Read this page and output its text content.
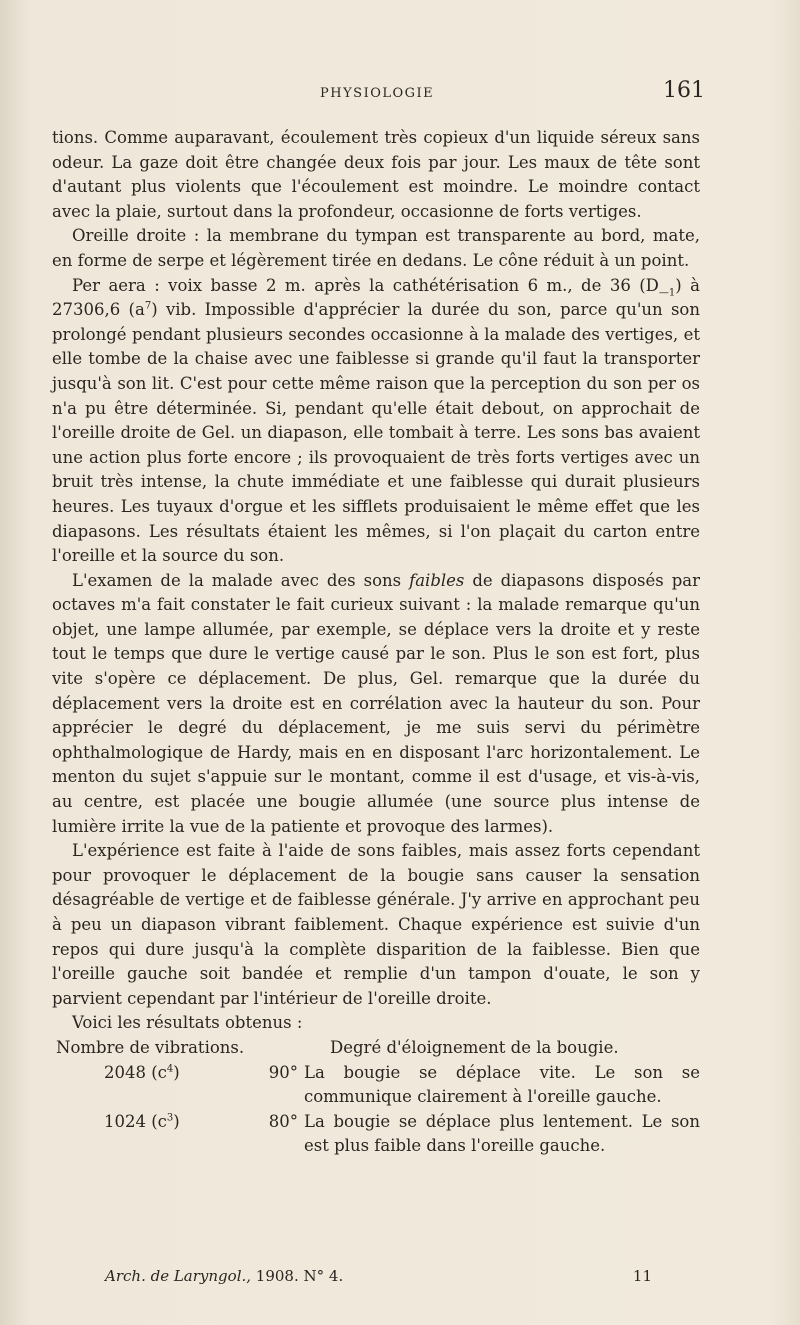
PHYSIOLOGIE	161

tions. Comme auparavant, écoulement très copieux d'un liquide séreux sans odeur. La gaze doit être changée deux fois par jour. Les maux de tête sont d'autant plus violents que l'écoulement est moindre. Le moindre contact avec la plaie, surtout dans la profondeur, occasionne de forts vertiges.

Oreille droite : la membrane du tympan est transparente au bord, mate, en forme de serpe et légèrement tirée en dedans. Le cône réduit à un point.

Per aera : voix basse 2 m. après la cathétérisation 6 m., de 36 $(D_{—1})$ à 27306,6 $(a^7)$ vib. Impossible d'apprécier la durée du son, parce qu'un son prolongé pendant plusieurs secondes occasionne à la malade des vertiges, et elle tombe de la chaise avec une faiblesse si grande qu'il faut la transporter jusqu'à son lit. C'est pour cette même raison que la perception du son per os n'a pu être déterminée. Si, pendant qu'elle était debout, on approchait de l'oreille droite de Gel. un diapason, elle tombait à terre. Les sons bas avaient une action plus forte encore ; ils provoquaient de très forts vertiges avec un bruit très intense, la chute immédiate et une faiblesse qui durait plusieurs heures. Les tuyaux d'orgue et les sifflets produisaient le même effet que les diapasons. Les résultats étaient les mêmes, si l'on plaçait du carton entre l'oreille et la source du son.

L'examen de la malade avec des sons faibles de diapasons disposés par octaves m'a fait constater le fait curieux suivant : la malade remarque qu'un objet, une lampe allumée, par exemple, se déplace vers la droite et y reste tout le temps que dure le vertige causé par le son. Plus le son est fort, plus vite s'opère ce déplacement. De plus, Gel. remarque que la durée du déplacement vers la droite est en corrélation avec la hauteur du son. Pour apprécier le degré du déplacement, je me suis servi du périmètre ophthalmologique de Hardy, mais en en disposant l'arc horizontalement. Le menton du sujet s'appuie sur le montant, comme il est d'usage, et vis-à-vis, au centre, est placée une bougie allumée (une source plus intense de lumière irrite la vue de la patiente et provoque des larmes).

L'expérience est faite à l'aide de sons faibles, mais assez forts cependant pour provoquer le déplacement de la bougie sans causer la sensation désagréable de vertige et de faiblesse générale. J'y arrive en approchant peu à peu un diapason vibrant faiblement. Chaque expérience est suivie d'un repos qui dure jusqu'à la complète disparition de la faiblesse. Bien que l'oreille gauche soit bandée et remplie d'un tampon d'ouate, le son y parvient cependant par l'intérieur de l'oreille droite.

Voici les résultats obtenus :

Nombre de vibrations.	Degré d'éloignement de la bougie.
2048 $(c^4)$	90° La bougie se déplace vite. Le son se communique clairement à l'oreille gauche.
1024 $(c^3)$	80° La bougie se déplace plus lentement. Le son est plus faible dans l'oreille gauche.
Arch. de Laryngol., 1908. N° 4.	11
